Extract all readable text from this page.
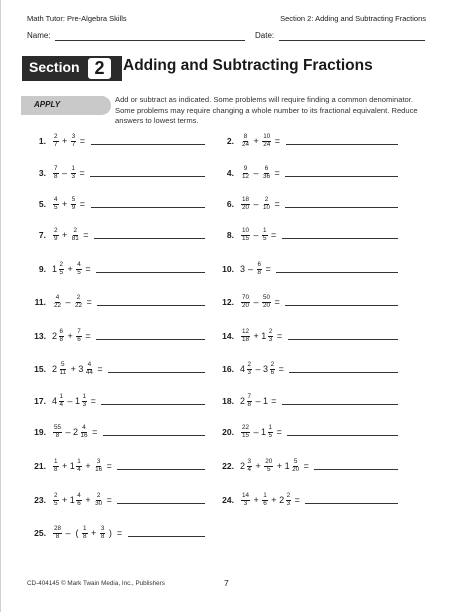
Math Tutor: Pre-Algebra Skills	Section 2: Adding and Subtracting Fractions
Name:	Date:
Section 2	Adding and Subtracting Fractions
APPLY
Add or subtract as indicated. Some problems will require finding a common denominator. Some problems may require changing a whole number to its fractional equivalent. Reduce answers to lowest terms.
1. $\frac{2}{7} + \frac{3}{7}$ =	2. $\frac{8}{24} + \frac{10}{24}$ =
3. $\frac{7}{8} - \frac{1}{3}$ =	4. $\frac{9}{12} - \frac{6}{36}$ =
5. $\frac{4}{5} + \frac{5}{9}$ =	6. $\frac{18}{20} - \frac{2}{10}$ =
7. $\frac{2}{9} + \frac{2}{81}$ =	8. $\frac{10}{15} - \frac{1}{5}$ =
9. $1 \frac{2}{5} + \frac{4}{5}$ =	10. $3 - \frac{6}{8}$ =
11. $\frac{4}{22} - \frac{2}{22}$ =	12. $\frac{70}{20} - \frac{50}{20}$ =
13. $2 \frac{6}{8} + \frac{7}{6}$ =	14. $\frac{12}{18} + 1 \frac{2}{3}$ =
15. $2 \frac{5}{11} + 3 \frac{4}{44}$ =	16. $4 \frac{2}{3} - 3 \frac{2}{6}$ =
17. $4 \frac{1}{4} - 1 \frac{1}{3}$ =	18. $2 \frac{7}{8} - 1$ =
19. $\frac{55}{8} - 2 \frac{4}{16}$ =	20. $\frac{22}{15} - 1 \frac{1}{5}$ =
21. $\frac{1}{8} + 1 \frac{1}{4} + \frac{3}{16}$ =	22. $2 \frac{3}{4} + \frac{20}{5} + 1 \frac{5}{20}$ =
23. $\frac{2}{5} + 1 \frac{4}{6} + \frac{2}{30}$ =	24. $\frac{14}{3} + \frac{1}{6} + 2 \frac{2}{3}$ =
25. $\frac{28}{8}$ – ( $\frac{1}{8} + \frac{3}{8}$ ) =
CD-404145 © Mark Twain Media, Inc., Publishers	7
